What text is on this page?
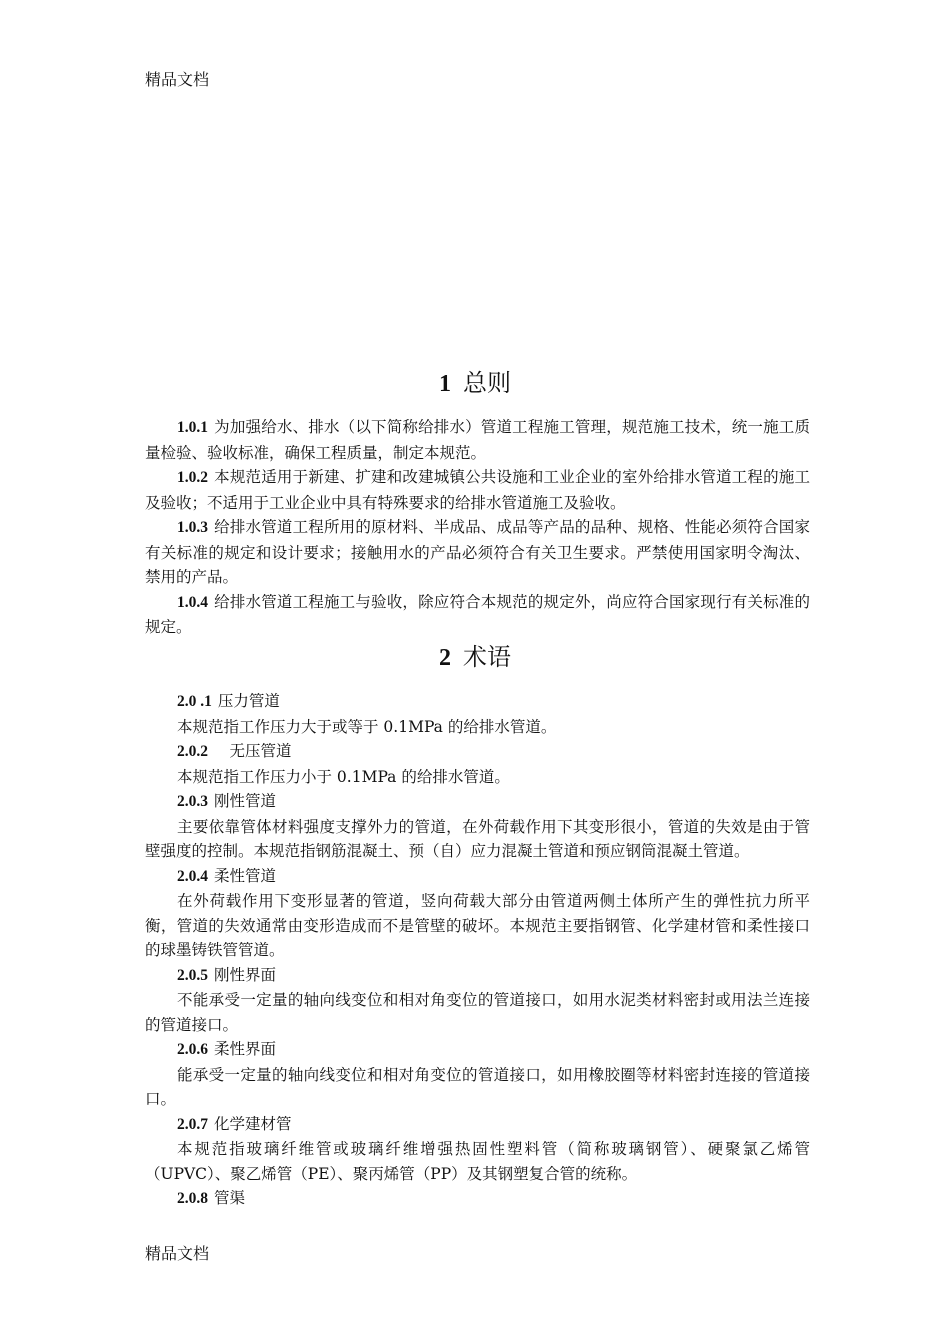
精品文档
1 总则

1.0.1 为加强给水、排水（以下简称给排水）管道工程施工管理，规范施工技术，统一施工质量检验、验收标准，确保工程质量，制定本规范。

1.0.2 本规范适用于新建、扩建和改建城镇公共设施和工业企业的室外给排水管道工程的施工及验收；不适用于工业企业中具有特殊要求的给排水管道施工及验收。

1.0.3 给排水管道工程所用的原材料、半成品、成品等产品的品种、规格、性能必须符合国家有关标准的规定和设计要求；接触用水的产品必须符合有关卫生要求。严禁使用国家明令淘汰、禁用的产品。

1.0.4 给排水管道工程施工与验收，除应符合本规范的规定外，尚应符合国家现行有关标准的规定。

2 术语

2.0 .1 压力管道

本规范指工作压力大于或等于 0.1MPa 的给排水管道。

2.0.2　无压管道

本规范指工作压力小于 0.1MPa 的给排水管道。

2.0.3 刚性管道

主要依靠管体材料强度支撑外力的管道，在外荷载作用下其变形很小，管道的失效是由于管壁强度的控制。本规范指钢筋混凝土、预（自）应力混凝土管道和预应钢筒混凝土管道。

2.0.4 柔性管道

在外荷载作用下变形显著的管道，竖向荷载大部分由管道两侧土体所产生的弹性抗力所平衡，管道的失效通常由变形造成而不是管壁的破坏。本规范主要指钢管、化学建材管和柔性接口的球墨铸铁管管道。

2.0.5 刚性界面

不能承受一定量的轴向线变位和相对角变位的管道接口，如用水泥类材料密封或用法兰连接的管道接口。

2.0.6 柔性界面

能承受一定量的轴向线变位和相对角变位的管道接口，如用橡胶圈等材料密封连接的管道接口。

2.0.7 化学建材管

本规范指玻璃纤维管或玻璃纤维增强热固性塑料管（简称玻璃钢管）、硬聚氯乙烯管（UPVC）、聚乙烯管（PE）、聚丙烯管（PP）及其钢塑复合管的统称。

2.0.8 管渠

精品文档
